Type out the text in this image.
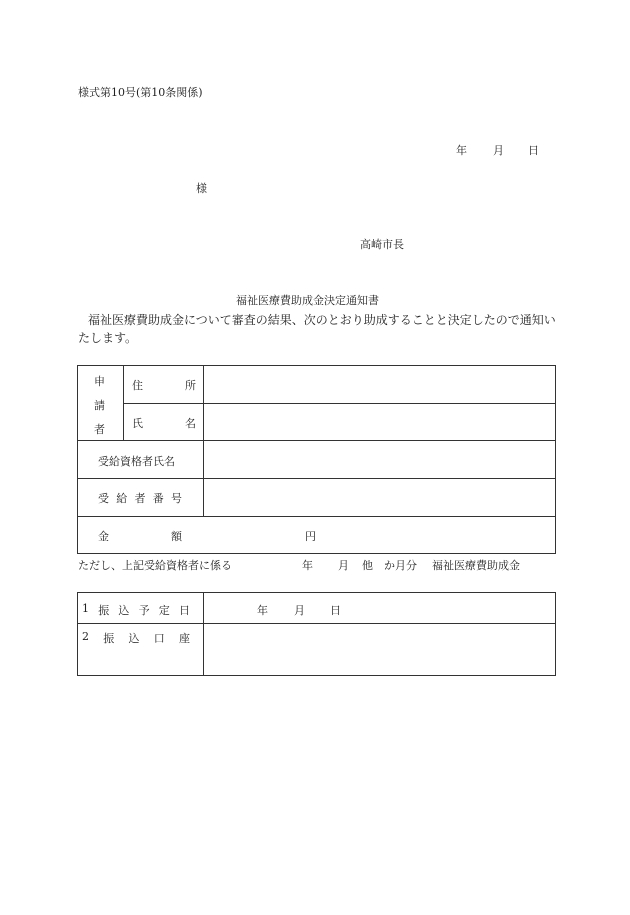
様式第10号(第10条関係)
年 月 日
様
高崎市長
福祉医療費助成金決定通知書
福祉医療費助成金について審査の結果、次のとおり助成することと決定したので通知い
たします。
申
請
者
住	所
氏	名
受給資格者氏名
受 給 者 番 号
金	額	円
ただし、上記受給資格者に係る	年 月 他 か月分 福祉医療費助成金
1 振 込 予 定 日	年 月 日
2 振 込 口 座
